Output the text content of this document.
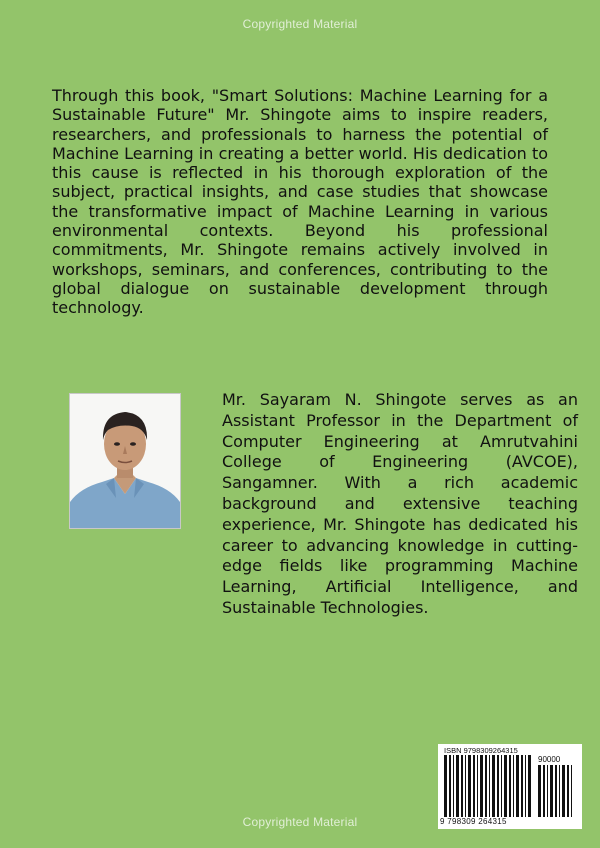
Copyrighted Material

Through this book, "Smart Solutions: Machine Learning for a Sustainable Future" Mr. Shingote aims to inspire readers, researchers, and professionals to harness the potential of Machine Learning in creating a better world. His dedication to this cause is reflected in his thorough exploration of the subject, practical insights, and case studies that showcase the transformative impact of Machine Learning in various environmental contexts. Beyond his professional commitments, Mr. Shingote remains actively involved in workshops, seminars, and conferences, contributing to the global dialogue on sustainable development through technology.

Mr. Sayaram N. Shingote serves as an Assistant Professor in the Department of Computer Engineering at Amrutvahini College of Engineering (AVCOE), Sangamner. With a rich academic background and extensive teaching experience, Mr. Shingote has dedicated his career to advancing knowledge in cutting-edge fields like programming Machine Learning, Artificial Intelligence, and Sustainable Technologies.

ISBN 9798309264315
90000
9 798309 264315
Copyrighted Material
